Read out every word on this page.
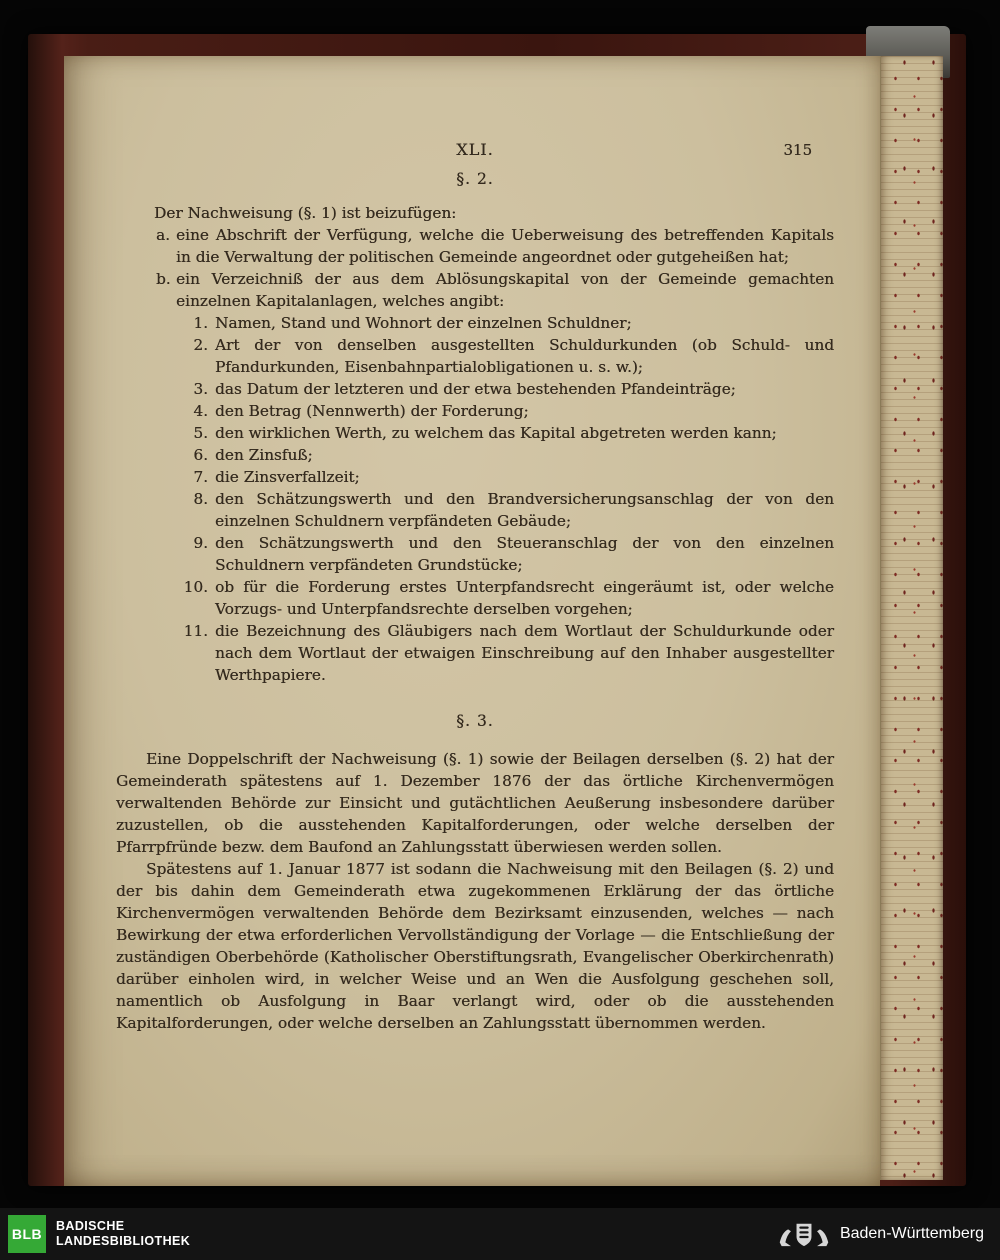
XLI.	315
§. 2.

Der Nachweisung (§. 1) ist beizufügen:

a. eine Abschrift der Verfügung, welche die Ueberweisung des betreffenden Kapitals in die Verwaltung der politischen Gemeinde angeordnet oder gutgeheißen hat;
b. ein Verzeichniß der aus dem Ablösungskapital von der Gemeinde gemachten einzelnen Kapitalanlagen, welches angibt:
1. Namen, Stand und Wohnort der einzelnen Schuldner;
2. Art der von denselben ausgestellten Schuldurkunden (ob Schuld- und Pfandurkunden, Eisenbahnpartialobligationen u. s. w.);
3. das Datum der letzteren und der etwa bestehenden Pfandeinträge;
4. den Betrag (Nennwerth) der Forderung;
5. den wirklichen Werth, zu welchem das Kapital abgetreten werden kann;
6. den Zinsfuß;
7. die Zinsverfallzeit;
8. den Schätzungswerth und den Brandversicherungsanschlag der von den einzelnen Schuldnern verpfändeten Gebäude;
9. den Schätzungswerth und den Steueranschlag der von den einzelnen Schuldnern verpfändeten Grundstücke;
10. ob für die Forderung erstes Unterpfandsrecht eingeräumt ist, oder welche Vorzugs- und Unterpfandsrechte derselben vorgehen;
11. die Bezeichnung des Gläubigers nach dem Wortlaut der Schuldurkunde oder nach dem Wortlaut der etwaigen Einschreibung auf den Inhaber ausgestellter Werthpapiere.
§. 3.

Eine Doppelschrift der Nachweisung (§. 1) sowie der Beilagen derselben (§. 2) hat der Gemeinderath spätestens auf 1. Dezember 1876 der das örtliche Kirchenvermögen verwaltenden Behörde zur Einsicht und gutächtlichen Aeußerung insbesondere darüber zuzustellen, ob die ausstehenden Kapitalforderungen, oder welche derselben der Pfarrpfründe bezw. dem Baufond an Zahlungsstatt überwiesen werden sollen.

Spätestens auf 1. Januar 1877 ist sodann die Nachweisung mit den Beilagen (§. 2) und der bis dahin dem Gemeinderath etwa zugekommenen Erklärung der das örtliche Kirchenvermögen verwaltenden Behörde dem Bezirksamt einzusenden, welches — nach Bewirkung der etwa erforderlichen Vervollständigung der Vorlage — die Entschließung der zuständigen Oberbehörde (Katholischer Oberstiftungsrath, Evangelischer Oberkirchenrath) darüber einholen wird, in welcher Weise und an Wen die Ausfolgung geschehen soll, namentlich ob Ausfolgung in Baar verlangt wird, oder ob die ausstehenden Kapitalforderungen, oder welche derselben an Zahlungsstatt übernommen werden.

BLB	BADISCHE
LANDESBIBLIOTHEK	Baden-Württemberg
